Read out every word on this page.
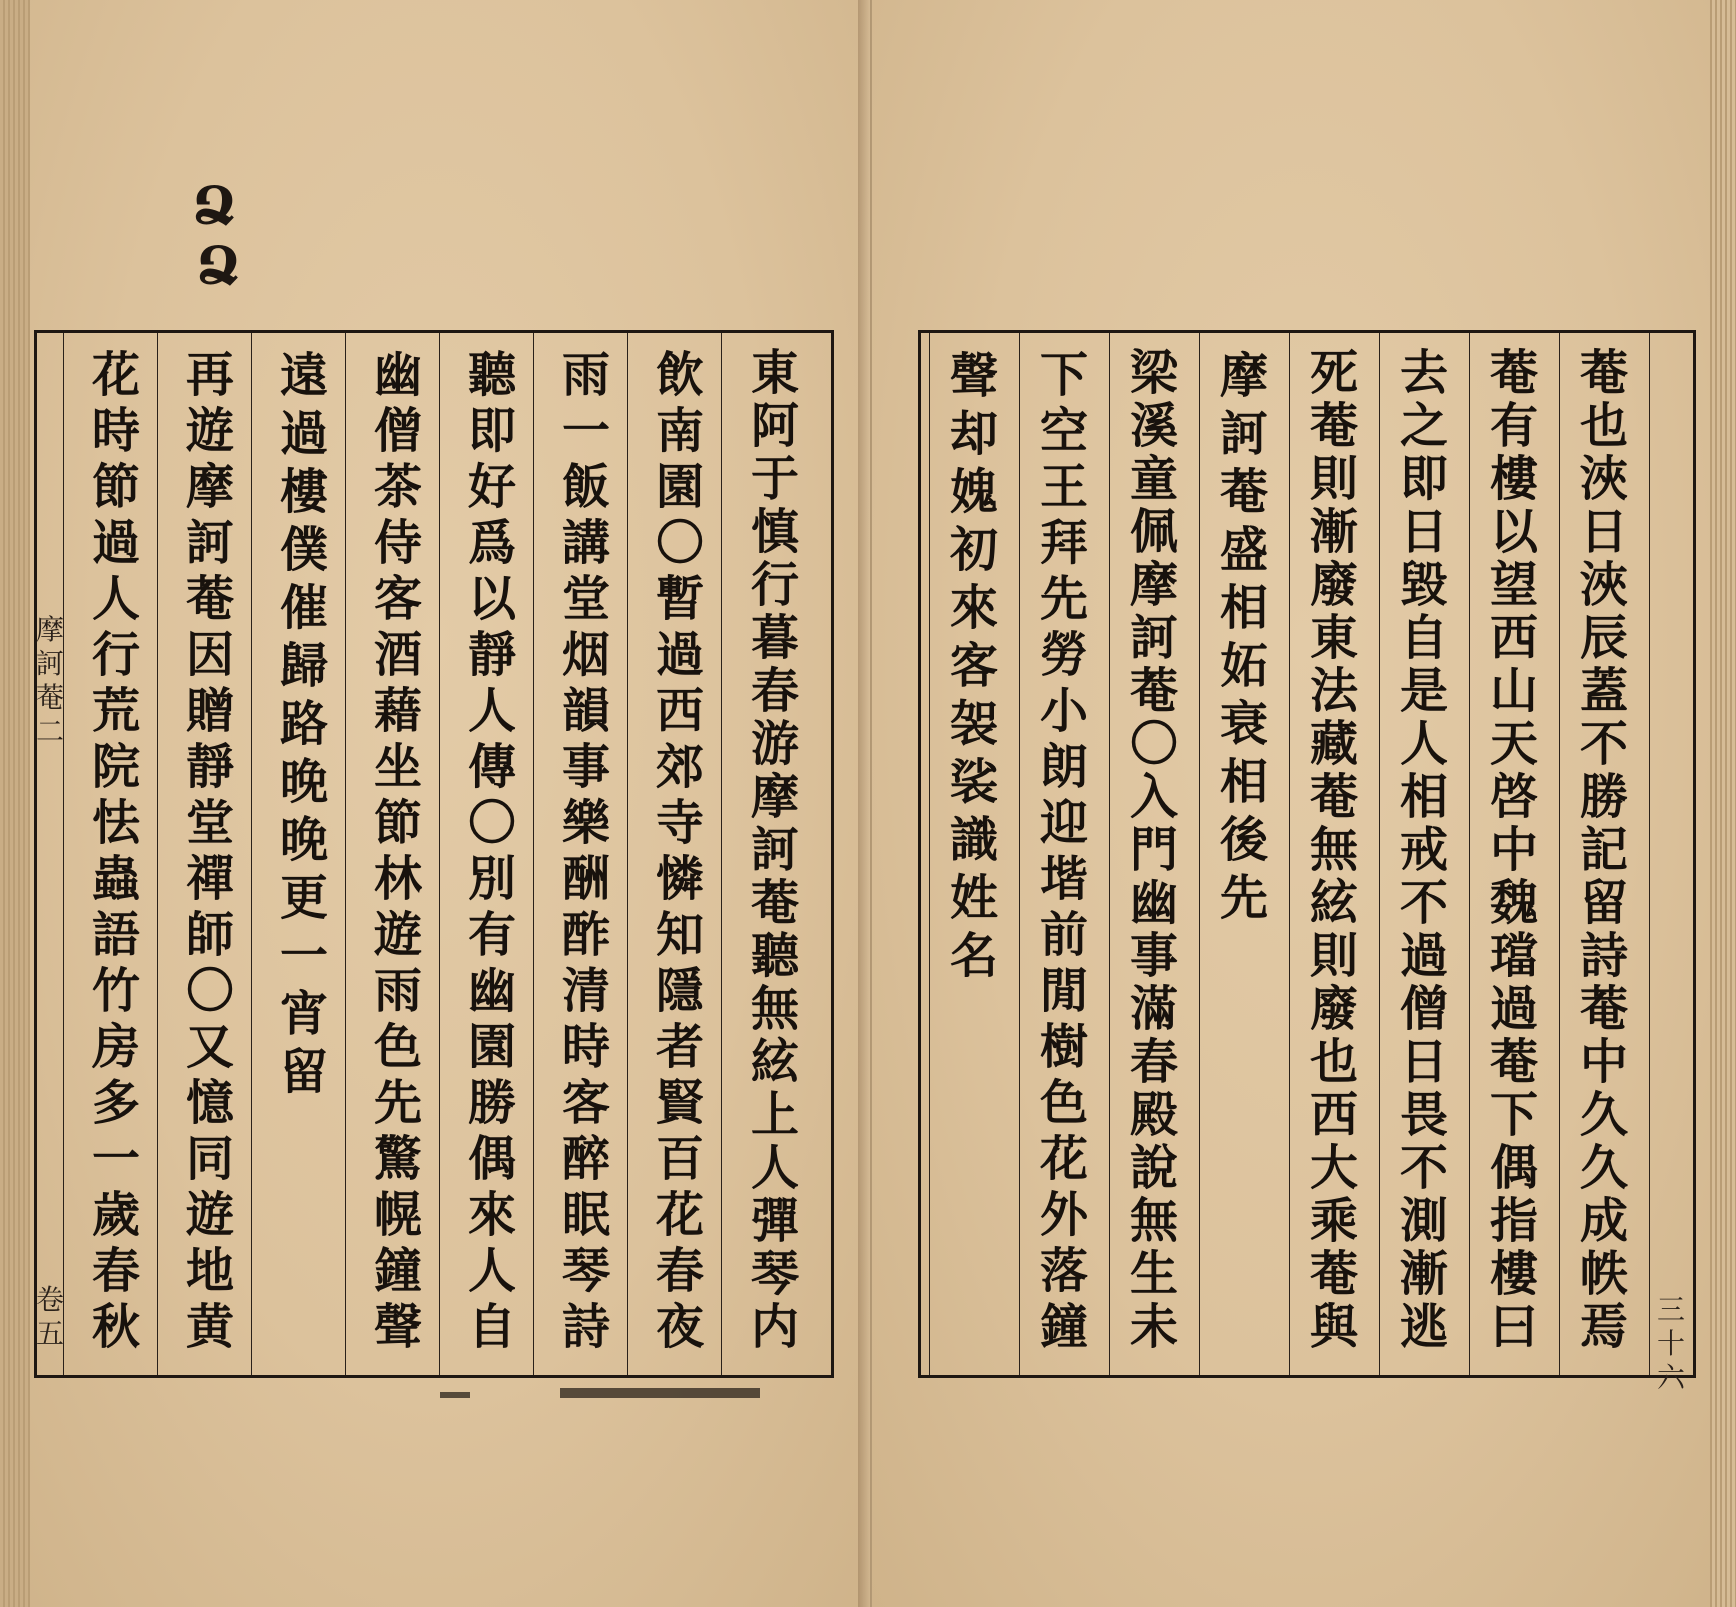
Ձ
Ձ
東
阿
于
慎
行
暮
春
游
摩
訶
菴
聽
無
絃
上
人
彈
琴
内
飲
南
園
〇
暫
過
西
郊
寺
憐
知
隱
者
賢
百
花
春
夜
雨
一
飯
講
堂
烟
韻
事
樂
酬
酢
清
時
客
醉
眠
琴
詩
聽
即
好
爲
以
靜
人
傳
〇
別
有
幽
園
勝
偶
來
人
自
幽
僧
茶
侍
客
酒
藉
坐
節
林
遊
雨
色
先
驚
幌
鐘
聲
遠
過
樓
僕
催
歸
路
晚
晚
更
一
宵
留
再
遊
摩
訶
菴
因
贈
靜
堂
禪
師
〇
又
憶
同
遊
地
黄
花
時
節
過
人
行
荒
院
怯
蟲
語
竹
房
多
一
歲
春
秋
摩
訶
菴
二
卷
五
菴
也
浹
日
浹
辰
蓋
不
勝
記
留
詩
菴
中
久
久
成
帙
焉
菴
有
樓
以
望
西
山
天
啓
中
魏
璫
過
菴
下
偶
指
樓
曰
去
之
即
日
毀
自
是
人
相
戒
不
過
僧
日
畏
不
測
漸
逃
死
菴
則
漸
廢
東
法
藏
菴
無
絃
則
廢
也
西
大
乘
菴
與
摩
訶
菴
盛
相
妬
衰
相
後
先
梁
溪
童
佩
摩
訶
菴
〇
入
門
幽
事
滿
春
殿
說
無
生
未
下
空
王
拜
先
勞
小
朗
迎
堦
前
閒
樹
色
花
外
落
鐘
聲
却
媿
初
來
客
袈
裟
識
姓
名
三
十
六
